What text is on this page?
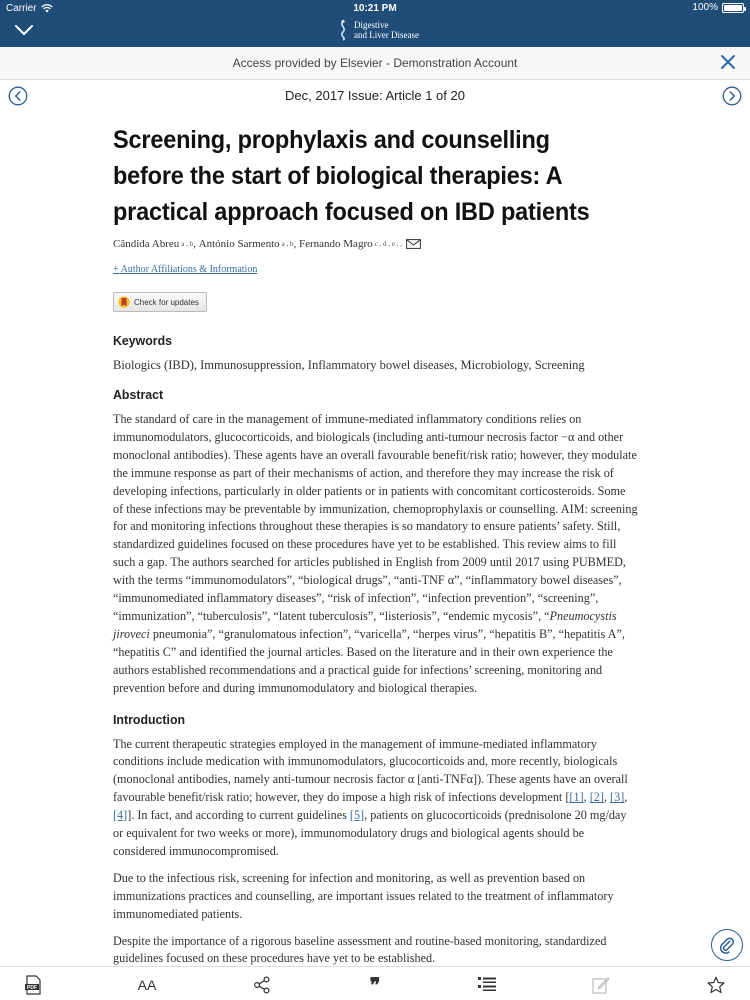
Carrier	10:21 PM	100%
Digestive
and Liver Disease
Access provided by Elsevier - Demonstration Account
Dec, 2017 Issue: Article 1 of 20
Screening, prophylaxis and counselling before the start of biological therapies: A practical approach focused on IBD patients
Cândida Abreu a , b , António Sarmento a , b , Fernando Magro c , d , e , ,
+ Author Affiliations & Information
Check for updates
Keywords
Biologics (IBD), Immunosuppression, Inflammatory bowel diseases, Microbiology, Screening
Abstract

The standard of care in the management of immune-mediated inflammatory conditions relies on immunomodulators, glucocorticoids, and biologicals (including anti-tumour necrosis factor −α and other monoclonal antibodies). These agents have an overall favourable benefit/risk ratio; however, they modulate the immune response as part of their mechanisms of action, and therefore they may increase the risk of developing infections, particularly in older patients or in patients with concomitant corticosteroids. Some of these infections may be preventable by immunization, chemoprophylaxis or counselling. AIM: screening for and monitoring infections throughout these therapies is so mandatory to ensure patients’ safety. Still, standardized guidelines focused on these procedures have yet to be established. This review aims to fill such a gap. The authors searched for articles published in English from 2009 until 2017 using PUBMED, with the terms “immunomodulators”, “biological drugs”, “anti-TNF α”, “inflammatory bowel diseases”, “immunomediated inflammatory diseases”, “risk of infection”, “infection prevention”, “screening”, “immunization”, “tuberculosis”, “latent tuberculosis”, “listeriosis”, “endemic mycosis”, “Pneumocystis jiroveci pneumonia”, “granulomatous infection”, “varicella”, “herpes virus”, “hepatitis B”, “hepatitis A”, “hepatitis C” and identified the journal articles. Based on the literature and in their own experience the authors established recommendations and a practical guide for infections’ screening, monitoring and prevention before and during immunomodulatory and biological therapies.

Introduction

The current therapeutic strategies employed in the management of immune-mediated inflammatory conditions include medication with immunomodulators, glucocorticoids and, more recently, biologicals (monoclonal antibodies, namely anti-tumour necrosis factor α [anti-TNFα]). These agents have an overall favourable benefit/risk ratio; however, they do impose a high risk of infections development [[1], [2], [3], [4]]. In fact, and according to current guidelines [5], patients on glucocorticoids (prednisolone 20 mg/day or equivalent for two weeks or more), immunomodulatory drugs and biological agents should be considered immunocompromised.

Due to the infectious risk, screening for infection and monitoring, as well as prevention based on immunizations practices and counselling, are important issues related to the treatment of inflammatory immunomediated patients.

Despite the importance of a rigorous baseline assessment and routine-based monitoring, standardized guidelines focused on these procedures have yet to be established.

PDF	AA	❞
